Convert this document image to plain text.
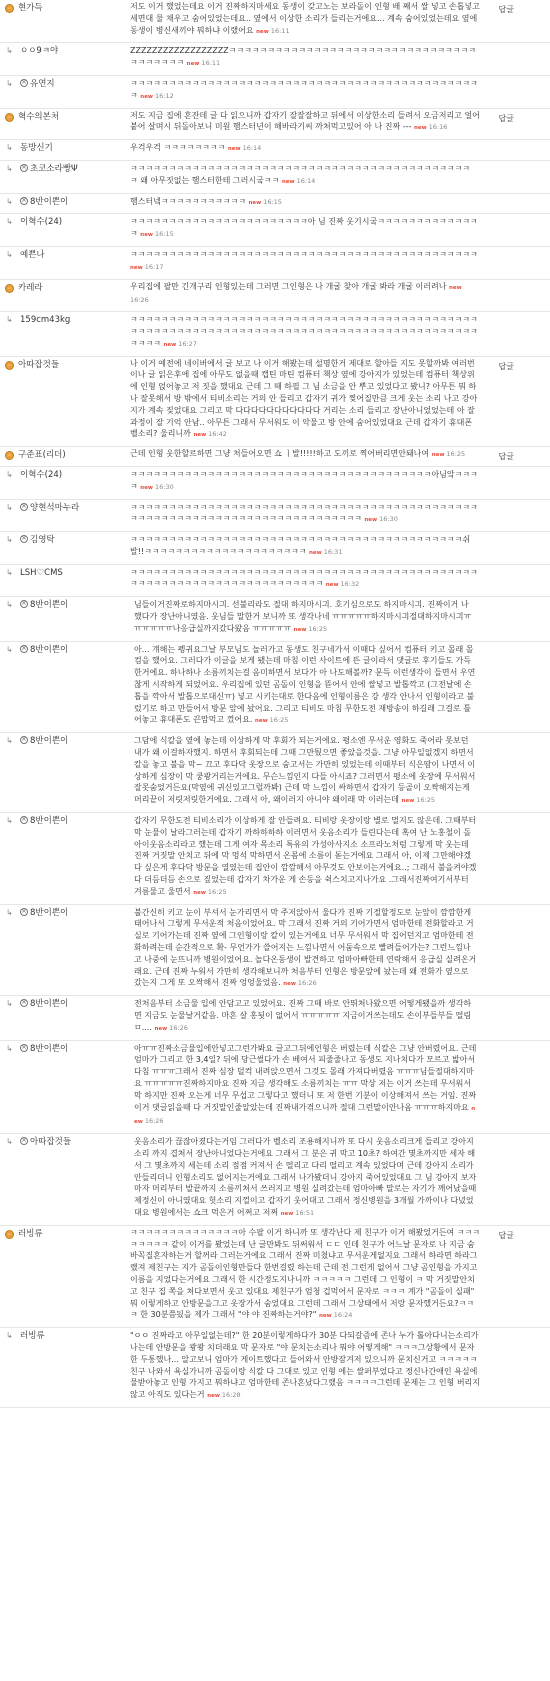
현가득	저도 이거 했었는데요 이거 진짜하지마세요 동생이 갖고노는 보라돌이 인형 배 째서 쌀 넣고 손톱넣고 세면대 물 채우고 숨어있었는데요.. 옆에서 이상한 소리가 들리는거에요... 계속 숨어있었는데요 옆에 동생이 병신새끼야 뭐하냐 이랬어요 new 16:11
답글
↳ ㅇㅇ9ㅋ야	ZZZZZZZZZZZZZZZZZZㅋㅋㅋㅋㅋㅋㅋㅋㅋㅋㅋㅋㅋㅋㅋㅋㅋㅋㅋㅋㅋㅋㅋㅋㅋㅋㅋㅋㅋㅋㅋㅋㅋㅋㅋㅋㅋㅋㅋ new 16:11
↳ ×	유연지	ㅋㅋㅋㅋㅋㅋㅋㅋㅋㅋㅋㅋㅋㅋㅋㅋㅋㅋㅋㅋㅋㅋㅋㅋㅋㅋㅋㅋㅋㅋㅋㅋㅋㅋㅋㅋㅋㅋㅋㅋㅋㅋㅋㅋㅋㅋ new 16:12
혁수의본처	저도 지금 집에 혼잔데 글 다 읽으니까 갑자기 잘잘잘하고 뒤에서 이상한소리 들려서 오금저리고 얼어붙어 살며시 뒤돌아보니 미원 햄스터년이 해바라기씨 까쳐먹고있어 아 나 진짜 --- new 16:16
답글
↳ 동방신기	우걱우걱 ㅋㅋㅋㅋㅋㅋㅋㅋ new 16:14
↳ ×	초코소라빵Ψ	ㅋㅋㅋㅋㅋㅋㅋㅋㅋㅋㅋㅋㅋㅋㅋㅋㅋㅋㅋㅋㅋㅋㅋㅋㅋㅋㅋㅋㅋㅋㅋㅋㅋㅋㅋㅋㅋㅋㅋㅋㅋㅋㅋㅋ ㅋ 왜 아무짓없는 햄스터한테 그러시궄ㅋㅋ new 16:14
↳ ×	8반이쁜이	햄스터넼ㅋㅋㅋㅋㅋㅋㅋㅋㅋㅋㅋ new 16:15
↳ 이혁수(24)	ㅋㅋㅋㅋㅋㅋㅋㅋㅋㅋㅋㅋㅋㅋㅋㅋㅋㅋㅋㅋㅋㅋㅋ아 님 진짜 웃기시궄ㅋㅋㅋㅋㅋㅋㅋㅋㅋㅋㅋㅋㅋㅋ new 16:15
↳ 예쁜나	ㅋㅋㅋㅋㅋㅋㅋㅋㅋㅋㅋㅋㅋㅋㅋㅋㅋㅋㅋㅋㅋㅋㅋㅋㅋㅋㅋㅋㅋㅋㅋㅋㅋㅋㅋㅋㅋㅋㅋㅋㅋㅋㅋㅋㅋ new 16:17
카레라	우리집에 팔만 긴개구리 인형있는데 그러면 그인형은 나 개굴 찾아 개굴 봐라 개굴 이러려나 new16:26
↳ 159cm43kg	ㅋㅋㅋㅋㅋㅋㅋㅋㅋㅋㅋㅋㅋㅋㅋㅋㅋㅋㅋㅋㅋㅋㅋㅋㅋㅋㅋㅋㅋㅋㅋㅋㅋㅋㅋㅋㅋㅋㅋㅋㅋㅋㅋㅋㅋㅋㅋㅋㅋㅋㅋㅋㅋㅋㅋㅋㅋㅋㅋㅋㅋㅋㅋㅋㅋㅋㅋㅋㅋㅋㅋㅋㅋㅋㅋㅋㅋㅋㅋㅋㅋㅋㅋㅋㅋㅋㅋㅋㅋㅋㅋㅋㅋㅋ new 16:27
아따잡것들	나 이거 예전에 네이버에서 글 보고 나 이거 해봤는데 설명한거 제대로 할아들 지도 못할까봐 여러번이나 글 읽은후에 집에 아무도 없을때 캡틴 마틴 컴퓨터 책상 옆에 강아지가 있었는데 컴퓨터 책상위에 인형 얹어놓고 저 짓을 했대요 근데 그 때 하필 그 님 소금을 안 뿌고 있었다고 봤니? 아무튼 뭐 하나 잘못해서 방 밖에서 티비소리는 거의 안 들리고 갑자기 귀가 찢어질만큼 크게 웃는 소리 나고 강아지가 계속 짖었대요 그리고 막 다다다다다다다다다다다 거리는 소리 들리고 장난아니었었는데 아 잘 과정이 잘 기억 안남.. 아무튼 그래서 무서워도 이 악물고 방 안에 숨어있었대요 근데 갑자기 휴대폰 벨소리? 울리니까 new 16:42
답글
구준표(리더)	근데 인형 웃한할르하면 그냥 처들어오면 쇼 ㅣ발!!!!!하고 도끼로 찍어버리면안돼나여 new 16:25	답글
↳ 이혁수(24)	ㅋㅋㅋㅋㅋㅋㅋㅋㅋㅋㅋㅋㅋㅋㅋㅋㅋㅋㅋㅋㅋㅋㅋㅋㅋㅋㅋㅋㅋㅋㅋㅋㅋㅋㅋㅋㅋㅋㅋ아님앜ㅋㅋㅋㅋ new 16:30
↳ ×	양현석마누라	ㅋㅋㅋㅋㅋㅋㅋㅋㅋㅋㅋㅋㅋㅋㅋㅋㅋㅋㅋㅋㅋㅋㅋㅋㅋㅋㅋㅋㅋㅋㅋㅋㅋㅋㅋㅋㅋㅋㅋㅋㅋㅋㅋㅋㅋㅋㅋㅋㅋㅋㅋㅋㅋㅋㅋㅋㅋㅋㅋㅋㅋㅋㅋㅋㅋㅋㅋㅋㅋㅋㅋㅋㅋㅋㅋ new 16:30
↳ ×	김영탁	ㅋㅋㅋㅋㅋㅋㅋㅋㅋㅋㅋㅋㅋㅋㅋㅋㅋㅋㅋㅋㅋㅋㅋㅋㅋㅋㅋㅋㅋㅋㅋㅋㅋㅋㅋㅋㅋㅋㅋㅋㅋㅋㅋ쉬발!!ㅋㅋㅋㅋㅋㅋㅋㅋㅋㅋㅋㅋㅋㅋㅋㅋㅋㅋㅋㅋㅋ new 16:31
↳ LSH♡CMS	ㅋㅋㅋㅋㅋㅋㅋㅋㅋㅋㅋㅋㅋㅋㅋㅋㅋㅋㅋㅋㅋㅋㅋㅋㅋㅋㅋㅋㅋㅋㅋㅋㅋㅋㅋㅋㅋㅋㅋㅋㅋㅋㅋㅋㅋㅋㅋㅋㅋㅋㅋㅋㅋㅋㅋㅋㅋㅋㅋㅋㅋㅋㅋㅋㅋㅋㅋㅋㅋㅋ new 16:32
↳ ×	8반이쁜이	님들이거진짜로하지마시긔. 선불리라도 절대 하지마시긔. 호기심으로도 하지마시긔. 진짜이거 나 했다가 장난아니였음. 웃님들 말한거 보니까 또 생각나네 ㅠㅠㅠㅠㅠ하지마시긔절대하지마시긔ㅠㅠㅠㅠㅠㅠ나응급실까지갔다왔음 ㅠㅠㅠㅠㅠ new 16:25
↳ ×	8반이쁜이	아... 걔해는 펭귀요그날 부모님도 놀러가고 동생도 친구네가서 이때다 싶어서 컴퓨터 키고 몰래 몰컴을 했어요. 그러다가 이글을 보게 됐는데 마침 이런 사이트에 뜬 글이라서 댓글로 후기들도 가득한거에요. 하나하나 소름끼치는걸 음미하면서 보다가 아 나도해볼까? 문득 이런생각이 들면서 우연찮게 시작하게 되었어요. 우리집에 있던 곰돌이 인형을 뜯어서 안에 쌀넣고 발톱깍고 (그전날에 손톱을 깍아서 발톱으로대신ㅠ) 넣고 시키는대로 한다음에 인형이름은 강 생각 안나서 인형이라고 불렀기로 하고 만들어서 방문 앞에 놨어요. 그리고 티비도 마침 무한도전 재방송이 하길래 그걸로 틀어놓고 휴대폰도 끈맘먹고 껐어요. new 16:25
↳ ×	8반이쁜이	그담에 식칼을 옆에 놓는데 이상하게 막 후회가 되는거에요. 평소엔 무서운 영화도 죽어라 못보던 내가 왜 이걸하자했지. 하면서 후회되는데 그때 그만뒀으면 좋았을것을. 그냥 아무일없겠지 하면서 칼을 놓고 불을 막~ 끄고 후다닥 옷장으로 숨고서는 가만히 있었는데 이때부터 식은땀이 나면서 이상하게 심장이 막 쿵쾅거리는거에요. 무슨느낌인지 다들 아시죠? 그러면서 평소에 옷장에 무서워서 잘못숨었거든요(막옆에 귀신있고그럴까봐) 근데 막 느낌이 싸하면서 갑자기 등골이 오싹해지는게 머리끝이 저릿저릿한거에요. 그래서 아, 왜이러지 아니야 왜이래 막 이러는데 new 16:25
↳ ×	8반이쁜이	갑자기 무한도전 티비소리가 이상하게 잘 안들려요. 티비랑 옷장이랑 별로 멀지도 않은데. 그때부터 막 눈물이 날라그러는데 갑자기 까하하하하 이러면서 웃음소리가 들린다는데 혹여 난 노홍철이 돌아이웃음소리라고 했는데 그게 여자 목소리 특유의 가성아사지소 소프라노처럼 그렇게 막 웃는데 진짜 거짓말 안치고 뒤에 막 멍석 막하면서 온몸에 소름이 돋는거에요 그래서 아, 이제 그만해야겠다 싶은게 후다닥 방문을 열였는데 집안이 깜깜해서 아무것도 안보이는거에요..; 그래서 불을켜야겠다 더듬더듬 손으로 짚었는데 갑자기 차가운 게 손등을 쉭스치고지나가요 .그래서진짜여기서부터 겨름물고 울면서 new 16:25
↳ ×	8반이쁜이	불간신히 키고 눈이 부셔서 눈가리면서 막 주저앉아서 울다가 진짜 기절할정도로 눈앞이 깜깜한게 태어나서 그렇게 무서운적 처음이었어요. 막 그래서 진짜 거의 기어가면서 엄마한테 전화할라고 거실로 기어가는데 진짜 옆에 그인형이랑 칼이 있는거에요 너무 무서워서 막 집어던지고 엄마한테 전화하려는데 순간적으로 확- 무언가가 쓸어지는 느낌나면서 어둠속으로 빨려들어가는? 그런느낌나고 나중에 눈뜨니까 병원이었어요. 놀다온동생이 발견하고 엄마아빠한테 연락해서 응급실 실려온거래요. 근데 진짜 누워서 가만히 생각해보니까 처음부터 인형은 방문앞에 놨는데 왜 전화가 옆으로 갔는지 그게 또 오싹해서 진짜 엉엉울었음. new 16:26
↳ ×	8반이쁜이	전처음부터 소금물 입에 안담고고 있었어요. 진짜 그때 바로 안뛰쳐나왔으면 어떻게됐을까 생각하면 지금도 눈물날거같음. 마흔 살 홍됫이 없어서 ㅠㅠㅠㅠㅠ 지금이거쓰는데도 손이부들부들 떨림ㅁ.... new 16:26
↳ ×	8반이쁜이	아ㅠㅠ진짜소금물입에안넣고그런가봐요 글고그뒤에인형은 버렸는데 식칼은 그냥 안버렸어요. 근데 엄마가 그리고 한 3,4일? 뒤에 당근썰다가 손 베여서 피줄줄나고 동생도 지나치다가 모르고 밟아서 다침 ㅠㅠㅠ그래서 진짜 심장 덜컥 내려앉으면서 그것도 몰래 가져다버렸음 ㅠㅠㅠ님들절대하지마요 ㅠㅠㅠㅠㅠ진짜하지마요 진짜 지금 생각해도 소름끼치는 ㅠㅠ 막상 저는 이거 쓰는데 무서워서 막 하지만 진짜 오는게 너무 무섭고 그렇다고 했더니 또 저 한번 기분이 이상해져서 쓰는 거임. 진짜 이거 댓글읽을때 다 거짓말인줄알았는데 진짜내가겪으니까 절대 그런말이안나옴 ㅠㅠㅠ하지마요 new 16:26
↳ ×	아따잡것들	웃음소리가 끊잖아졌다는거임 그러다가 벨소리 조용해지니까 또 다시 웃음소리크게 들리고 강아지 소리 까지 겹쳐서 장난아니었다는거에요 그래서 그 분은 귀 막고 10초? 하여간 몇초까지만 세자 해서 그 몇초까지 세는데 소리 점점 커져서 손 떨리고 다리 떨리고 계속 있었다며 근데 강아지 소리가 안들리더니 인형소리도 없어지는거에요 그래서 나가봤더니 강아지 죽어있었대요 그 님 강아지 보자마자 머리부터 발끝까지 소름끼쳐서 쓰러지고 병원 실려갔는데 엄마아빠 말로는 자기가 깨어났을때 제정신이 아니였대요 헛소리 지껄이고 갑자기 웃어대고 그래서 정신병원을 3개월 가까이나 다녔었대요 병원에서는 쇼크 먹은거 어쩌고 저쩌 new 16:51
러빙류	ㅋㅋㅋㅋㅋㅋㅋㅋㅋㅋㅋㅋㅋㅋ아 수팔 이거 하니까 또 생각난다 제 친구가 이거 해봤었거든여 ㅋㅋㅋㅋㅋㅋㅋㅋ 같이 이거를 봤었는데 난 글만봐도 뒤써워서 ㄷㄷ 인데 친구가 어느날 문자로 나 지금 숨바꼭질혼자하는거 할꺼라 그러는거에요 그래서 진짜 미쳤냐고 무서운게없지요 그래서 하라면 하라그랬져 제친구는 지가 곰돌이인형만들다 한번걸렸 하는데 근데 전 그런게 없어서 그냥 곰인형을 가지고 이름을 지었다는거에요 그래서 한 시간정도지나니까 ㅋㅋㅋㅋㅋ 그런데 그 인형이 ㅋ 막 거짓말안치고 친구 집 쪽을 쳐다보면서 웃고 있대요 제친구가 엄청 겁먹어서 문자로 ㅋㅋㅋ 계가 "곰돌이 실패" 뭐 이렇게하고 안방문을그고 옷장가서 숨었대요 그런데 그래서 그상태에서 저랑 문자했거든요?ㅋㅋㅋ 한 30분쯤됬을 제가 그래서 "야 야 진짜하는거야?" new 16:24
답글
↳ 러빙류	"ㅇㅇ 진짜라고 아무일없는데?" 한 20분이렇게하다가 30분 다되갈즘에 존나 누가 톨아다니는소리가 나는데 안방문을 쾅쾅 치더래요 막 문자로 "야 문치는소리나 뭐야 어떻게해" ㅋㅋㅋ그상황에서 문자 한 두통했나... 알고보니 엄마가 게이트했다고 들어와서 안방잠겨저 있으니까 문치신거고 ㅋㅋㅋㅋㅋ 친구 나와서 욕실가니까 곰돌이랑 식칼 다 그대로 있고 인형 에는 쌀퍼부었다고 정신나간애인 욕실에 물받아놓고 인형 가지고 뭐하냐고 엄마한테 존나혼났다그랬음 ㅋㅋㅋㅋ그런데 문제는 그 인형 버리지 않고 아직도 있다는거 new 16:28
